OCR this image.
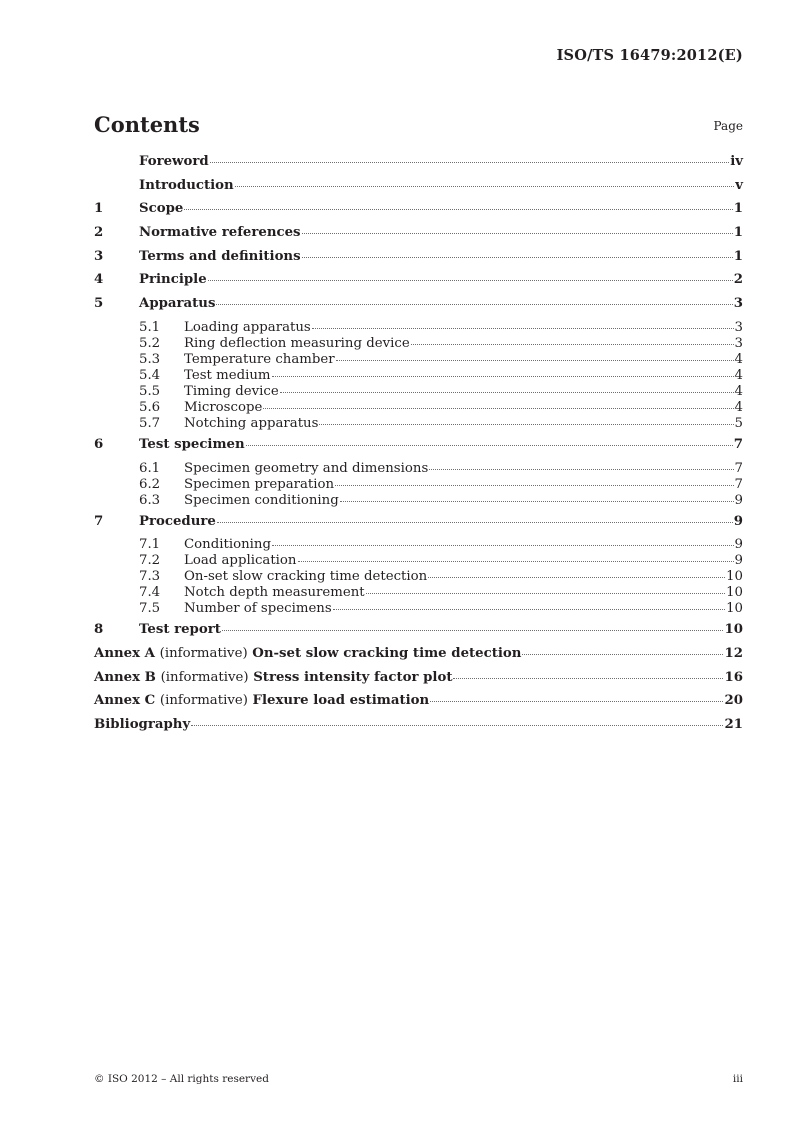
ISO/TS 16479:2012(E)
Contents	Page
Foreword	iv
Introduction	v
1	Scope	1
2	Normative references	1
3	Terms and definitions	1
4	Principle	2
5	Apparatus	3
5.1	Loading apparatus	3
5.2	Ring deflection measuring device	3
5.3	Temperature chamber	4
5.4	Test medium	4
5.5	Timing device	4
5.6	Microscope	4
5.7	Notching apparatus	5
6	Test specimen	7
6.1	Specimen geometry and dimensions	7
6.2	Specimen preparation	7
6.3	Specimen conditioning	9
7	Procedure	9
7.1	Conditioning	9
7.2	Load application	9
7.3	On-set slow cracking time detection	10
7.4	Notch depth measurement	10
7.5	Number of specimens	10
8	Test report	10
Annex A (informative) On-set slow cracking time detection	12
Annex B (informative) Stress intensity factor plot	16
Annex C (informative) Flexure load estimation	20
Bibliography	21
© ISO 2012 – All rights reserved	iii
